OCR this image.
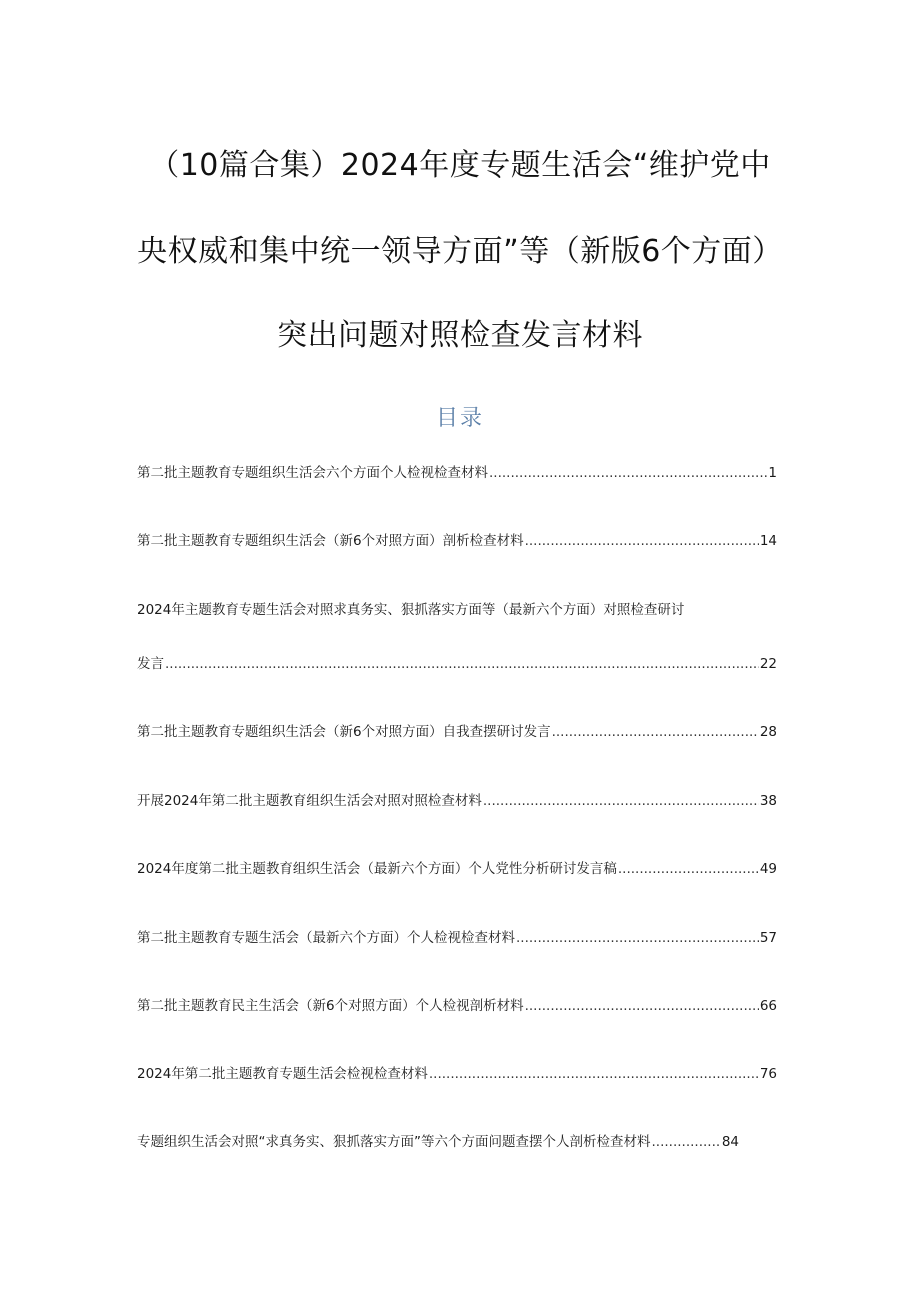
（10篇合集）2024年度专题生活会“维护党中
央权威和集中统一领导方面”等（新版6个方面）
突出问题对照检查发言材料
目录
第二批主题教育专题组织生活会六个方面个人检视检查材料 .....	1
第二批主题教育专题组织生活会（新6个对照方面）剖析检查材料 .....	14
2024年主题教育专题生活会对照求真务实、狠抓落实方面等（最新六个方面）对照检查研讨
发言 .....	22
第二批主题教育专题组织生活会（新6个对照方面）自我查摆研讨发言 .....	28
开展2024年第二批主题教育组织生活会对照对照检查材料 .....	38
2024年度第二批主题教育组织生活会（最新六个方面）个人党性分析研讨发言稿 .....	49
第二批主题教育专题生活会（最新六个方面）个人检视检查材料 .....	57
第二批主题教育民主生活会（新6个对照方面）个人检视剖析材料 .....	66
2024年第二批主题教育专题生活会检视检查材料 .....	76
专题组织生活会对照“求真务实、狠抓落实方面”等六个方面问题查摆个人剖析检查材料 .....	84
